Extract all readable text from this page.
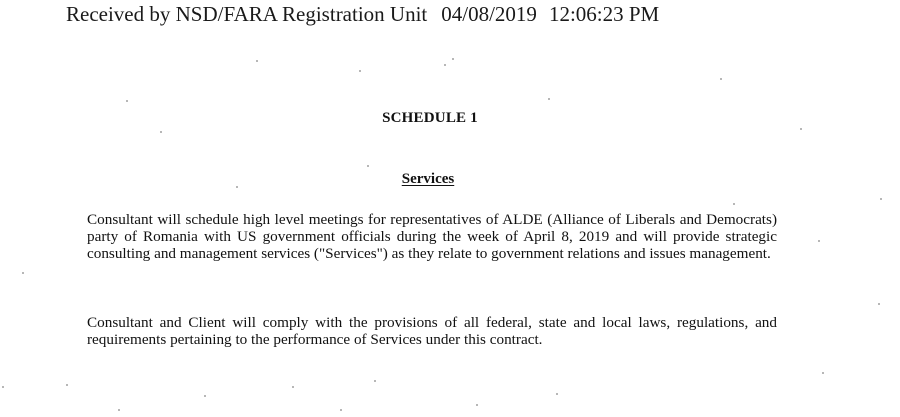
Received by NSD/FARA Registration Unit 04/08/2019 12:06:23 PM
SCHEDULE 1
Services

Consultant will schedule high level meetings for representatives of ALDE (Alliance of Liberals and Democrats) party of Romania with US government officials during the week of April 8, 2019 and will provide strategic consulting and management services ("Services") as they relate to government relations and issues management.

Consultant and Client will comply with the provisions of all federal, state and local laws, regulations, and requirements pertaining to the performance of Services under this contract.
